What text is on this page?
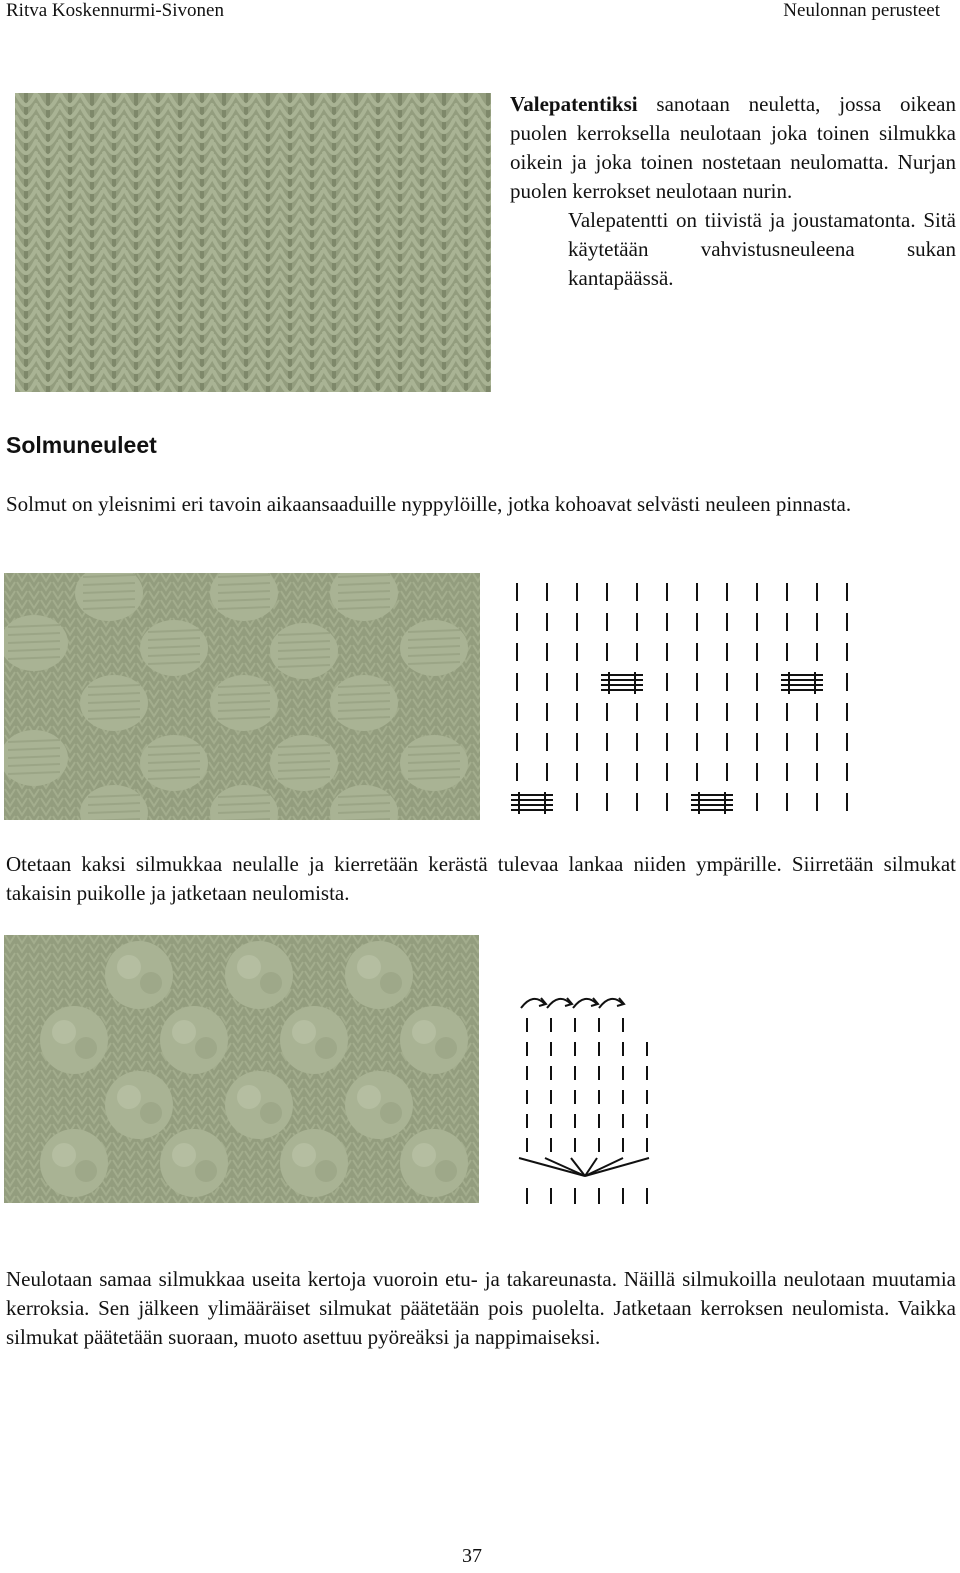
Ritva Koskennurmi-Sivonen	Neulonnan perusteet
Valepatentiksi sanotaan neuletta, jossa oikean puolen kerroksella neulotaan joka toinen silmukka oikein ja joka toinen nostetaan neulomatta. Nurjan puolen kerrokset neulotaan nurin.
Valepatentti on tiivistä ja joustamatonta. Sitä käytetään vahvistusneuleena sukan kantapäässä.
Solmuneuleet
Solmut on yleisnimi eri tavoin aikaansaaduille nyppylöille, jotka kohoavat selvästi neuleen pinnasta.
Otetaan kaksi silmukkaa neulalle ja kierretään kerästä tulevaa lankaa niiden ympärille. Siirretään silmukat takaisin puikolle ja jatketaan neulomista.
Neulotaan samaa silmukkaa useita kertoja vuoroin etu- ja takareunasta. Näillä silmukoilla neulotaan muutamia kerroksia. Sen jälkeen ylimääräiset silmukat päätetään pois puolelta. Jatketaan kerroksen neulomista. Vaikka silmukat päätetään suoraan, muoto asettuu pyöreäksi ja nappimaiseksi.
37
